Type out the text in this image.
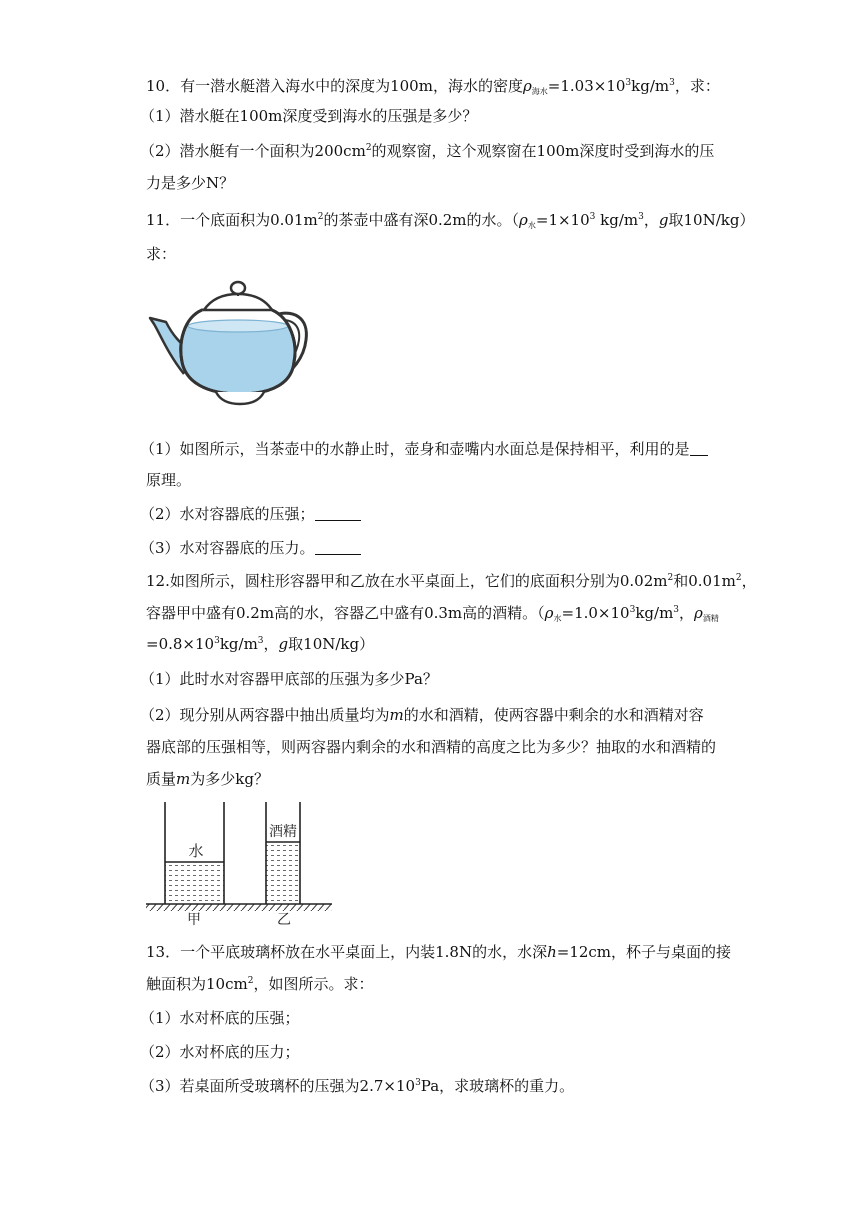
10．有一潜水艇潜入海水中的深度为100m，海水的密度$\rho_{海水}=1.03\times 10^3kg/m^3$，求：
（1）潜水艇在100m深度受到海水的压强是多少？
（2）潜水艇有一个面积为$200cm^2$的观察窗，这个观察窗在100m深度时受到海水的压
力是多少N？
11．一个底面积为$0.01m^2$的茶壶中盛有深0.2m的水。（$\rho_水=1\times 10^3$ $kg/m^3$，g取10N/kg）
求：
（1）如图所示，当茶壶中的水静止时，壶身和壶嘴内水面总是保持相平，利用的是
原理。
（2）水对容器底的压强；
（3）水对容器底的压力。
12.如图所示，圆柱形容器甲和乙放在水平桌面上，它们的底面积分别为$0.02m^2$和$0.01m^2$，
容器甲中盛有0.2m高的水，容器乙中盛有0.3m高的酒精。（$\rho_水=1.0\times 10^3kg/m^3$，$\rho_{酒精}$
$=0.8\times 10^3kg/m^3$，g取10N/kg）
（1）此时水对容器甲底部的压强为多少Pa？
（2）现分别从两容器中抽出质量均为m的水和酒精，使两容器中剩余的水和酒精对容
器底部的压强相等，则两容器内剩余的水和酒精的高度之比为多少？抽取的水和酒精的
质量m为多少kg？
水
甲
酒精
乙
13．一个平底玻璃杯放在水平桌面上，内装1.8N的水，水深h=12cm，杯子与桌面的接
触面积为$10cm^2$，如图所示。求：
（1）水对杯底的压强；
（2）水对杯底的压力；
（3）若桌面所受玻璃杯的压强为$2.7\times 10^3Pa$，求玻璃杯的重力。
